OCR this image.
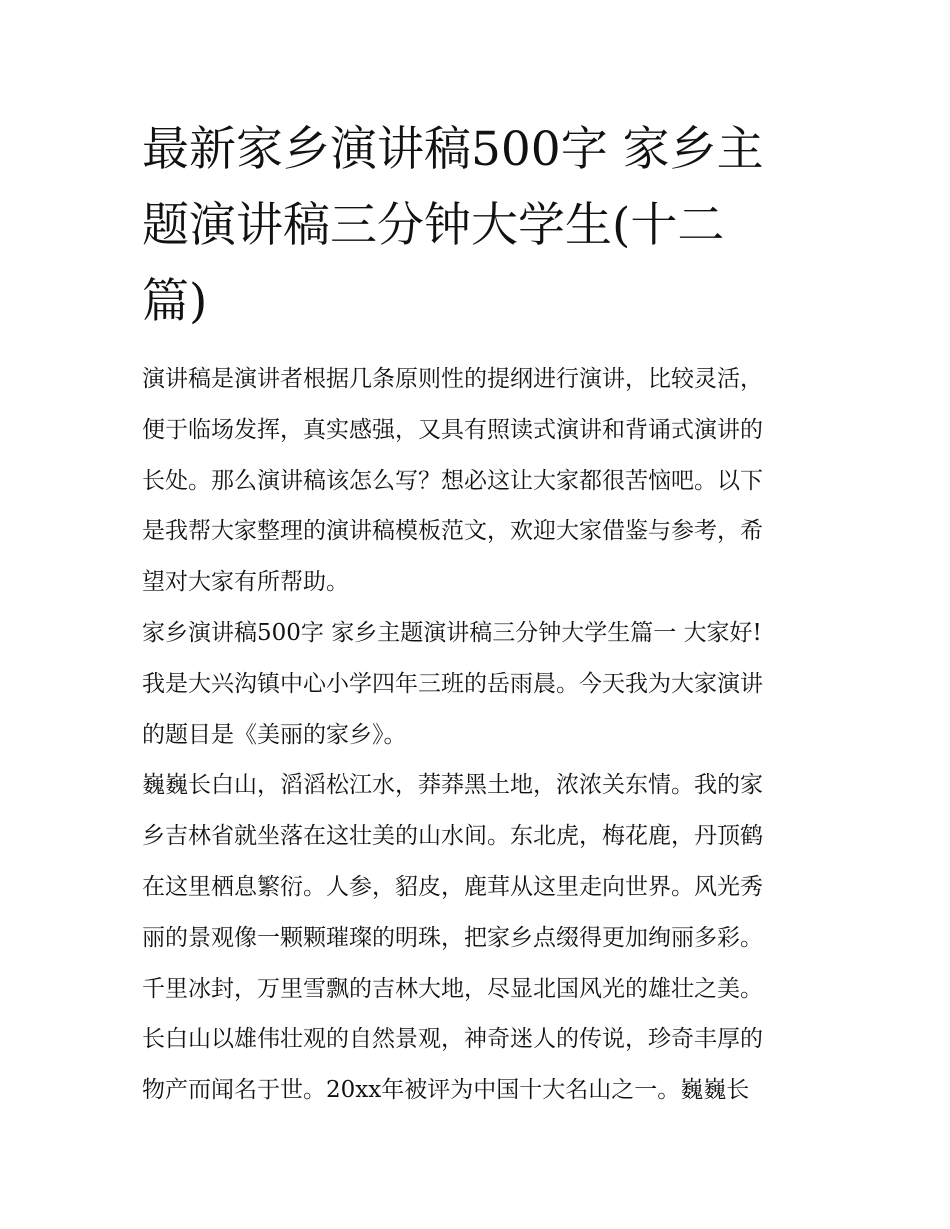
最新家乡演讲稿500字 家乡主
题演讲稿三分钟大学生(十二
篇)
演讲稿是演讲者根据几条原则性的提纲进行演讲，比较灵活，
便于临场发挥，真实感强，又具有照读式演讲和背诵式演讲的
长处。那么演讲稿该怎么写？想必这让大家都很苦恼吧。以下
是我帮大家整理的演讲稿模板范文，欢迎大家借鉴与参考，希
望对大家有所帮助。
家乡演讲稿500字 家乡主题演讲稿三分钟大学生篇一 大家好!
我是大兴沟镇中心小学四年三班的岳雨晨。今天我为大家演讲
的题目是《美丽的家乡》。
巍巍长白山，滔滔松江水，莽莽黑土地，浓浓关东情。我的家
乡吉林省就坐落在这壮美的山水间。东北虎，梅花鹿，丹顶鹤
在这里栖息繁衍。人参，貂皮，鹿茸从这里走向世界。风光秀
丽的景观像一颗颗璀璨的明珠，把家乡点缀得更加绚丽多彩。
千里冰封，万里雪飘的吉林大地，尽显北国风光的雄壮之美。
长白山以雄伟壮观的自然景观，神奇迷人的传说，珍奇丰厚的
物产而闻名于世。20xx年被评为中国十大名山之一。巍巍长
